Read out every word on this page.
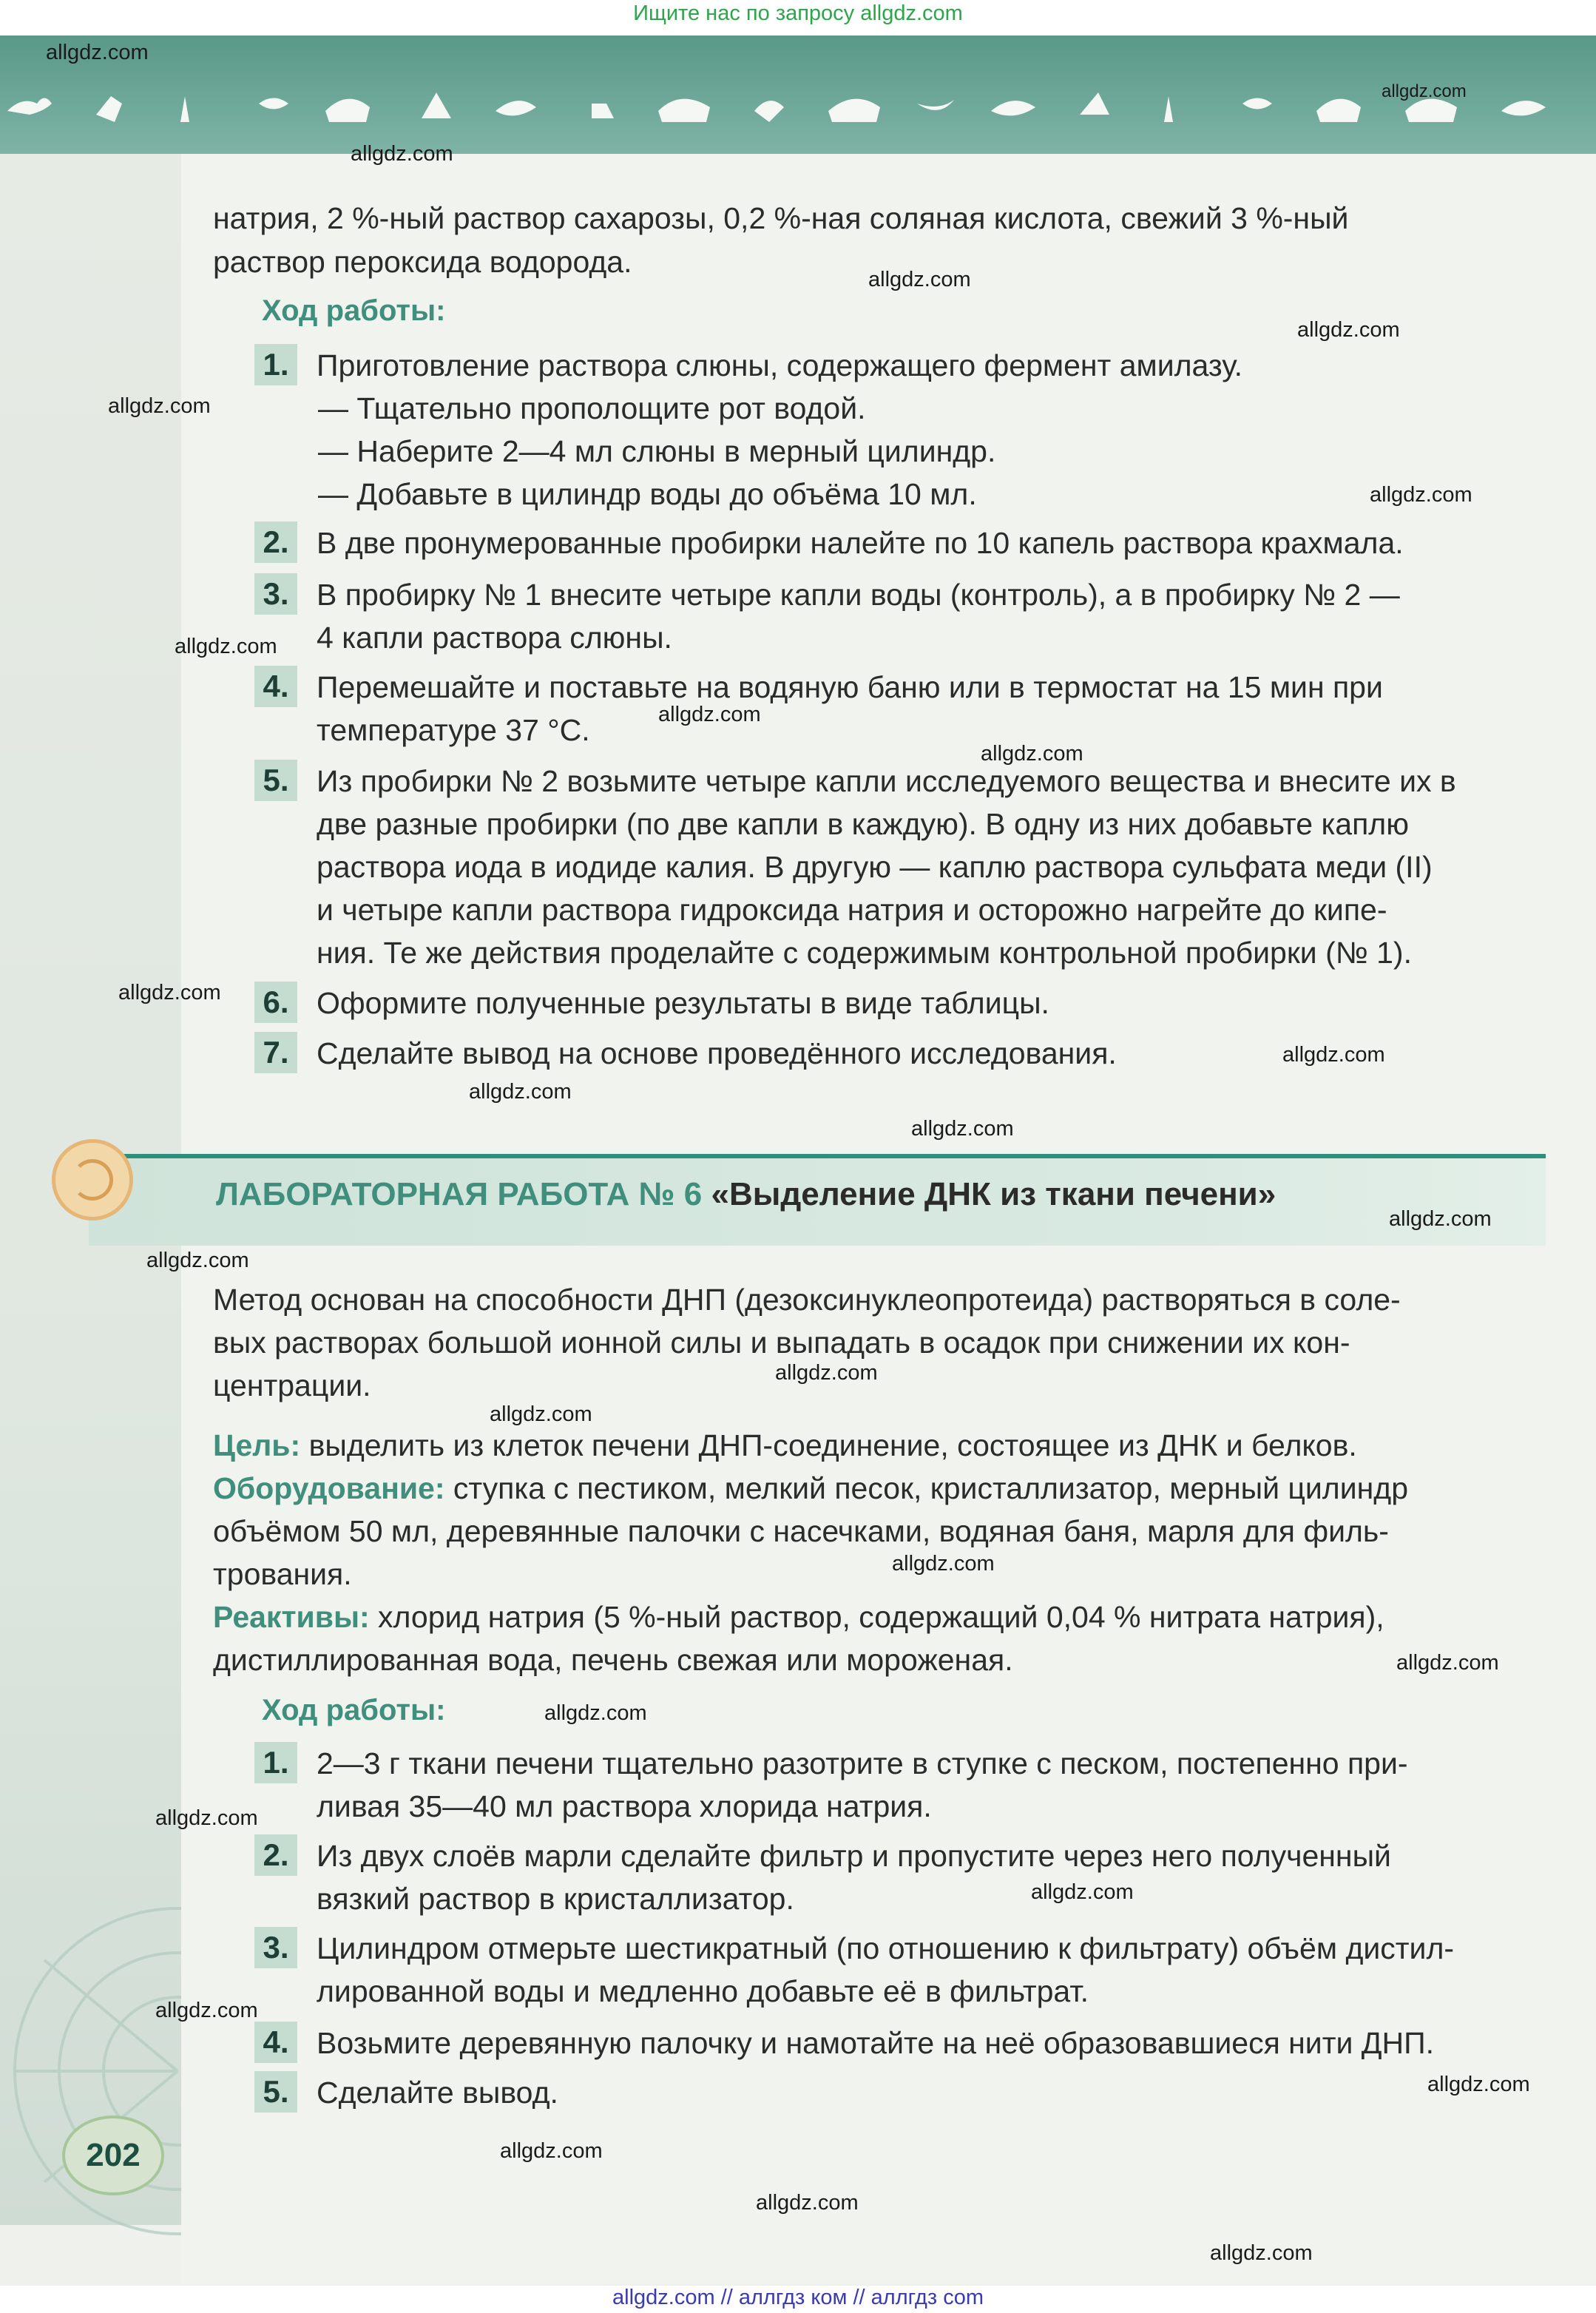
Ищите нас по запросу allgdz.com
allgdz.com // аллгдз ком // аллгдз com
натрия, 2 %-ный раствор сахарозы, 0,2 %-ная соляная кислота, свежий 3 %-ный
раствор пероксида водорода.
Ход работы:
1. Приготовление раствора слюны, содержащего фермент амилазу.
— Тщательно прополощите рот водой.
— Наберите 2—4 мл слюны в мерный цилиндр.
— Добавьте в цилиндр воды до объёма 10 мл.
2. В две пронумерованные пробирки налейте по 10 капель раствора крахмала.
3. В пробирку № 1 внесите четыре капли воды (контроль), а в пробирку № 2 —
4 капли раствора слюны.
4. Перемешайте и поставьте на водяную баню или в термостат на 15 мин при
температуре 37 °С.
5. Из пробирки № 2 возьмите четыре капли исследуемого вещества и внесите их в
две разные пробирки (по две капли в каждую). В одну из них добавьте каплю
раствора иода в иодиде калия. В другую — каплю раствора сульфата меди (II)
и четыре капли раствора гидроксида натрия и осторожно нагрейте до кипе-
ния. Те же действия проделайте с содержимым контрольной пробирки (№ 1).
6. Оформите полученные результаты в виде таблицы.
7. Сделайте вывод на основе проведённого исследования.
ЛАБОРАТОРНАЯ РАБОТА № 6 «Выделение ДНК из ткани печени»
Метод основан на способности ДНП (дезоксинуклеопротеида) растворяться в соле-
вых растворах большой ионной силы и выпадать в осадок при снижении их кон-
центрации.
Цель: выделить из клеток печени ДНП-соединение, состоящее из ДНК и белков.
Оборудование: ступка с пестиком, мелкий песок, кристаллизатор, мерный цилиндр
объёмом 50 мл, деревянные палочки с насечками, водяная баня, марля для филь-
трования.
Реактивы: хлорид натрия (5 %-ный раствор, содержащий 0,04 % нитрата натрия),
дистиллированная вода, печень свежая или мороженая.
Ход работы:
1. 2—3 г ткани печени тщательно разотрите в ступке с песком, постепенно при-
ливая 35—40 мл раствора хлорида натрия.
2. Из двух слоёв марли сделайте фильтр и пропустите через него полученный
вязкий раствор в кристаллизатор.
3. Цилиндром отмерьте шестикратный (по отношению к фильтрату) объём дистил-
лированной воды и медленно добавьте её в фильтрат.
4. Возьмите деревянную палочку и намотайте на неё образовавшиеся нити ДНП.
5. Сделайте вывод.
202
allgdz.com
allgdz.com
allgdz.com
allgdz.com
allgdz.com
allgdz.com
allgdz.com
allgdz.com
allgdz.com
allgdz.com
allgdz.com
allgdz.com
allgdz.com
allgdz.com
allgdz.com
allgdz.com
allgdz.com
allgdz.com
allgdz.com
allgdz.com
allgdz.com
allgdz.com
allgdz.com
allgdz.com
allgdz.com
allgdz.com
allgdz.com
allgdz.com
